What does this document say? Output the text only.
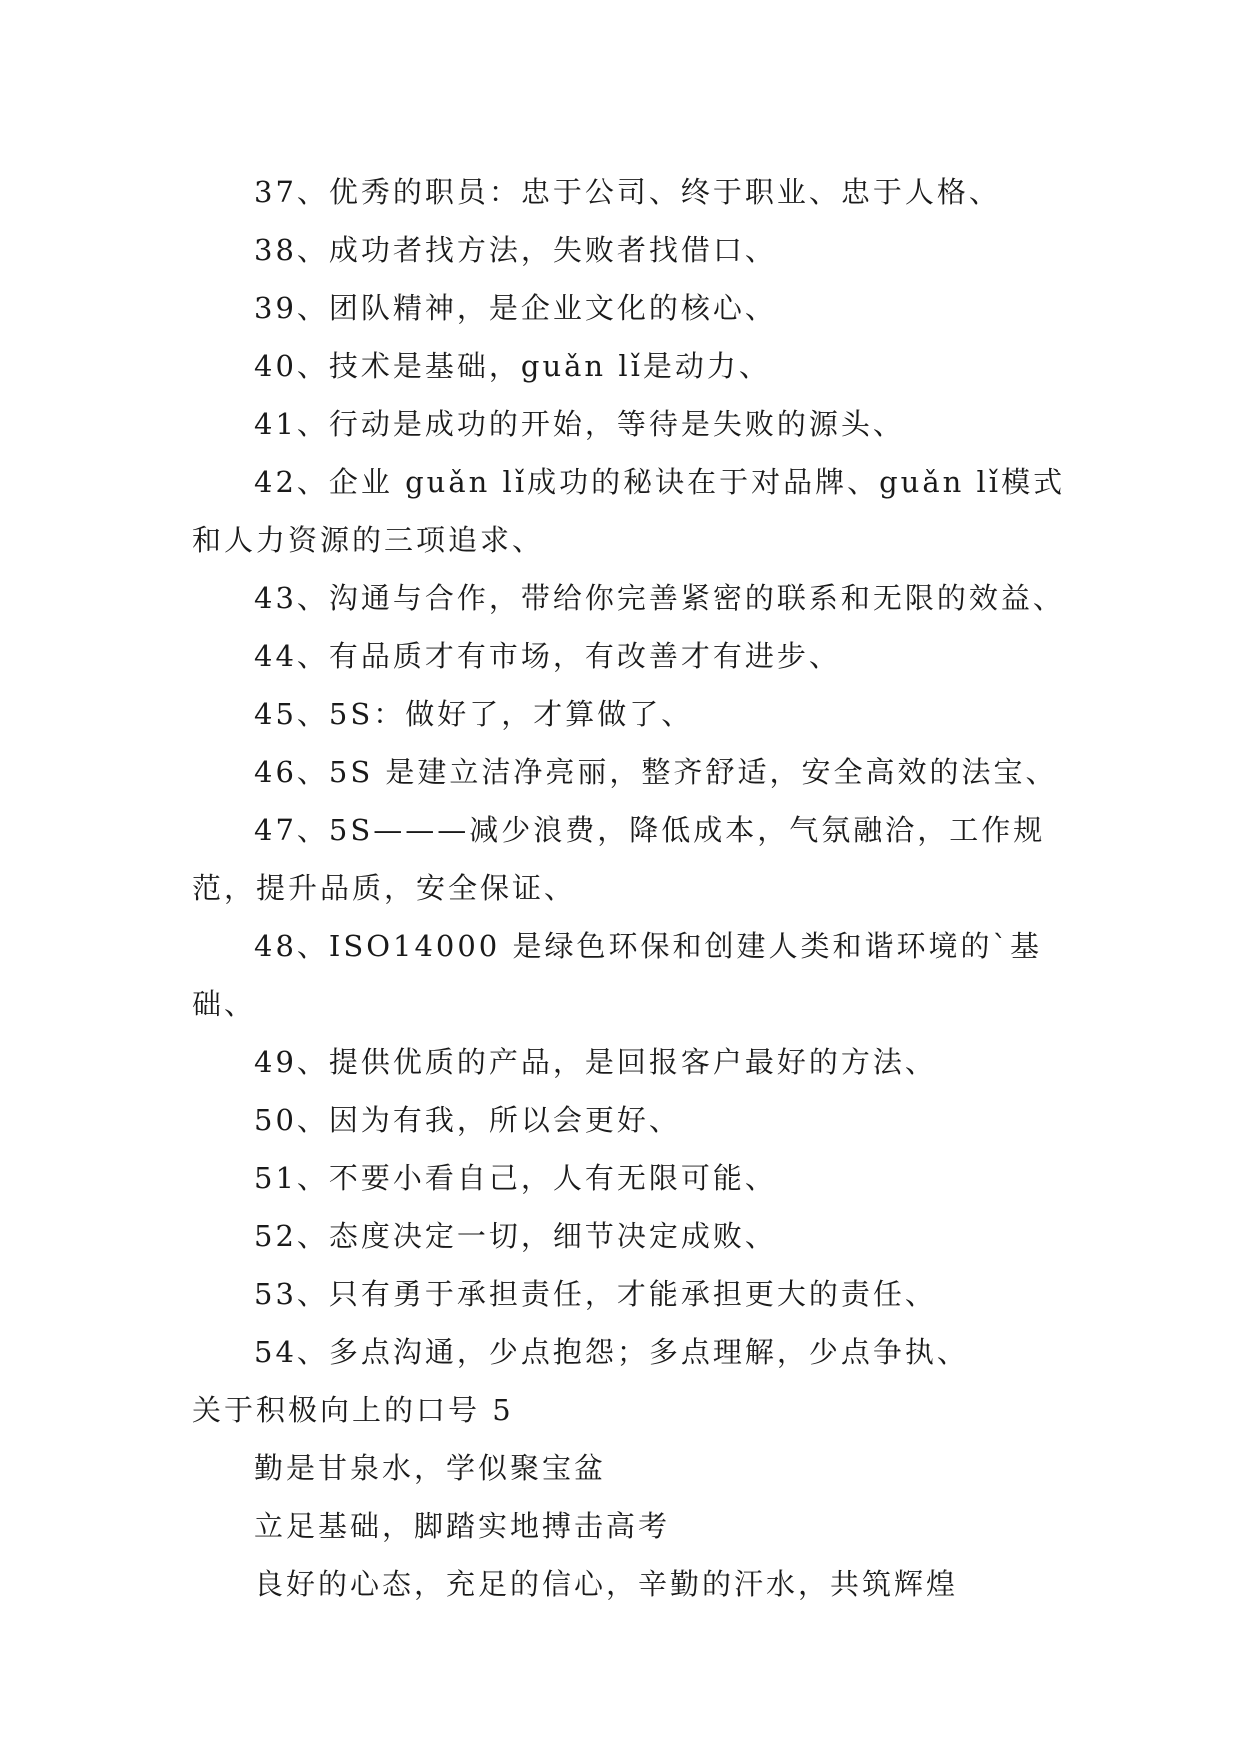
37、优秀的职员：忠于公司、终于职业、忠于人格、

38、成功者找方法，失败者找借口、

39、团队精神，是企业文化的核心、

40、技术是基础，guǎn lǐ是动力、

41、行动是成功的开始，等待是失败的源头、

42、企业 guǎn lǐ成功的秘诀在于对品牌、guǎn lǐ模式和人力资源的三项追求、

43、沟通与合作，带给你完善紧密的联系和无限的效益、

44、有品质才有市场，有改善才有进步、

45、5S：做好了，才算做了、

46、5S 是建立洁净亮丽，整齐舒适，安全高效的法宝、

47、5S———减少浪费，降低成本，气氛融洽，工作规范，提升品质，安全保证、

48、ISO14000 是绿色环保和创建人类和谐环境的`基础、

49、提供优质的产品，是回报客户最好的方法、

50、因为有我，所以会更好、

51、不要小看自己，人有无限可能、

52、态度决定一切，细节决定成败、

53、只有勇于承担责任，才能承担更大的责任、

54、多点沟通，少点抱怨；多点理解，少点争执、

关于积极向上的口号 5

勤是甘泉水，学似聚宝盆

立足基础，脚踏实地搏击高考

良好的心态，充足的信心，辛勤的汗水，共筑辉煌
